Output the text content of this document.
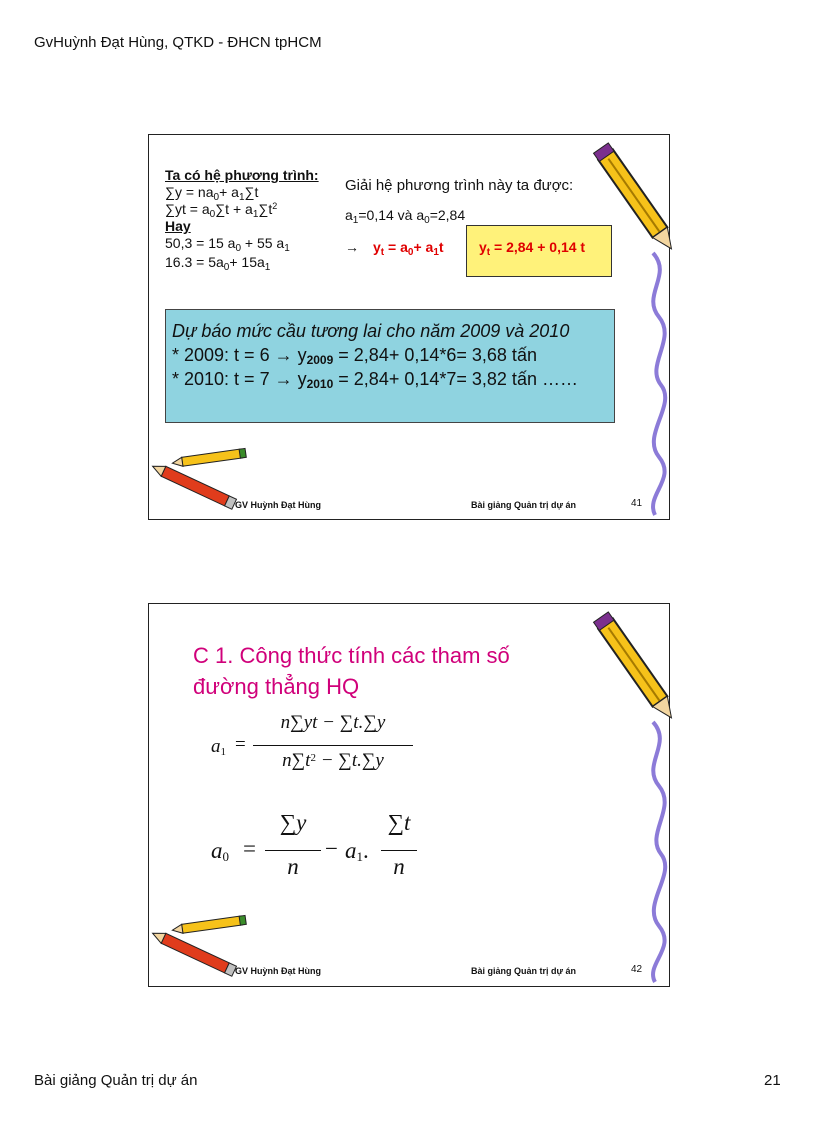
GvHuỳnh Đạt Hùng, QTKD - ĐHCN tpHCM
Ta có hệ phương trình:
$\sum y = na_0+ a_1\sum t$
$\sum yt = a_0\sum t + a_1\sum t^2$
Hay
50,3 = 15 $a_0 + 55$ $a_1$
$16.3 = 5a_0+ 15a_1$
Giải hệ phương trình này ta được:
$a_1=0,14$ và $a_0=2,84$
→ $y_t = a_0+ a_1t$	$y_t = 2,84 + 0,14$ t
Dự báo mức cầu tương lai cho năm 2009 và 2010
* 2009: $t = 6 \to y_{2009} = 2,84+ 0,14*6= 3,68$ tấn
* 2010: $t = 7 \to y_{2010} = 2,84+ 0,14*7= 3,82$ tấn ……
GV Huỳnh Đạt Hùng	Bài giảng Quản trị dự án	41
C 1. Công thức tính các tham số
đường thẳng HQ
$a_1$ =
n∑yt − ∑t.∑y
$n\sum t^2 - \sum t.\sum y$
$a_0$ =
∑y
n
− $a_1$.
∑t
n
GV Huỳnh Đạt Hùng	Bài giảng Quản trị dự án	42
Bài giảng Quản trị dự án	21
